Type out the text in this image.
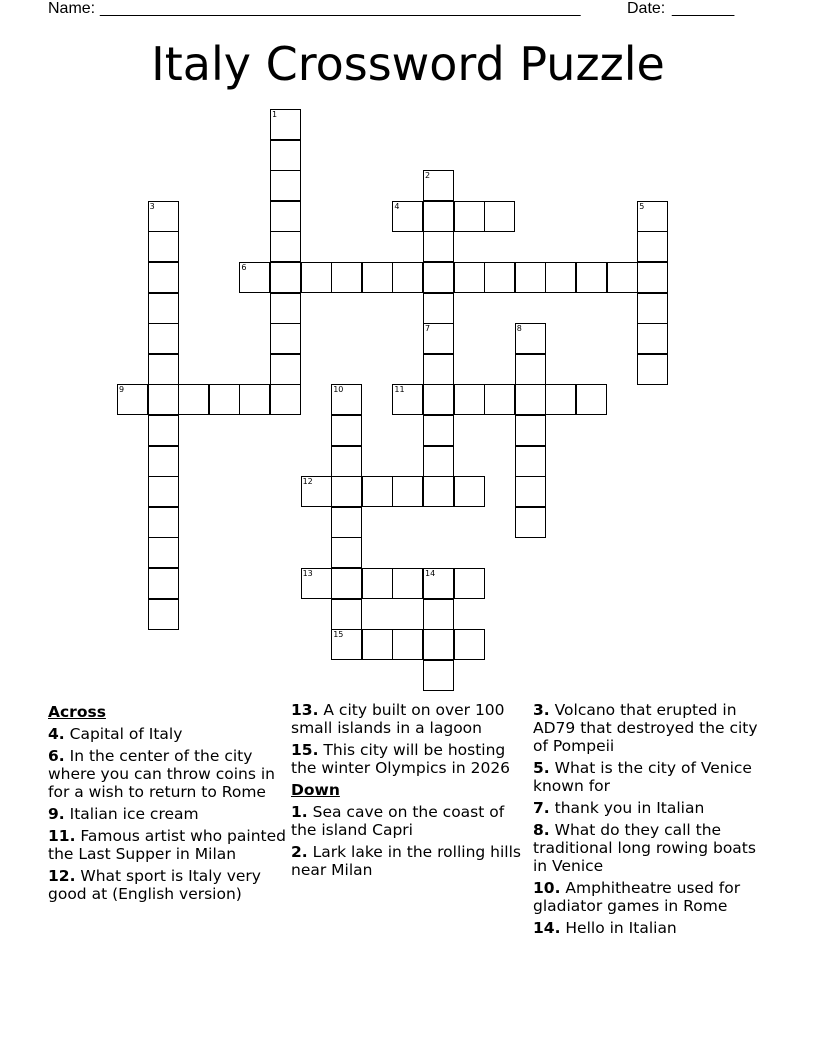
Name: ______________________________________________________	Date: _______
Italy Crossword Puzzle
1
2
3	4	5
6
7	8
9	10	11
12
13	14
15
Across
4. Capital of Italy
6. In the center of the city where you can throw coins in for a wish to return to Rome
9. Italian ice cream
11. Famous artist who painted the Last Supper in Milan
12. What sport is Italy very good at (English version)
13. A city built on over 100 small islands in a lagoon
15. This city will be hosting the winter Olympics in 2026
Down
1. Sea cave on the coast of the island Capri
2. Lark lake in the rolling hills near Milan
3. Volcano that erupted in AD79 that destroyed the city of Pompeii
5. What is the city of Venice known for
7. thank you in Italian
8. What do they call the traditional long rowing boats in Venice
10. Amphitheatre used for gladiator games in Rome
14. Hello in Italian
